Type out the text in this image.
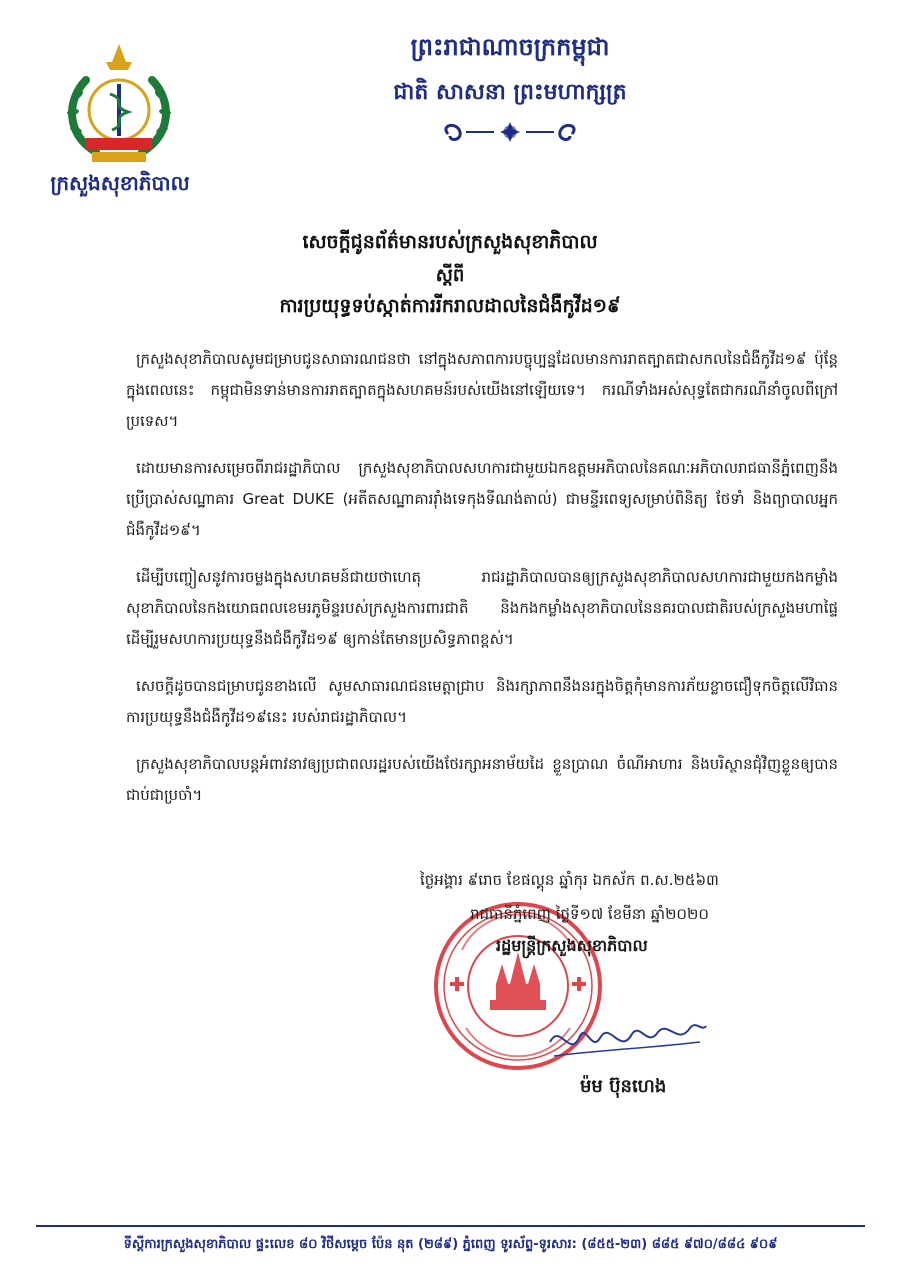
ក្រសួងសុខាភិបាល
ព្រះរាជាណាចក្រកម្ពុជា
ជាតិ សាសនា ព្រះមហាក្សត្រ
សេចក្តីជូនព័ត៌មានរបស់ក្រសួងសុខាភិបាល
ស្តីពី
ការប្រយុទ្ធទប់ស្កាត់ការរីករាលដាលនៃជំងឺកូវីដ១៩

ក្រសួងសុខាភិបាលសូមជម្រាបជូនសាធារណជនថា នៅក្នុងសភាពការបច្ចុប្បន្នដែលមានការរាតត្បាតជាសកលនៃជំងឺកូវីដ១៩ ប៉ុន្តែក្នុងពេលនេះ កម្ពុជាមិនទាន់មានការរាតត្បាតក្នុងសហគមន៍របស់យើងនៅឡើយទេ។ ករណីទាំងអស់សុទ្ធតែជាករណីនាំចូលពីក្រៅប្រទេស។

ដោយមានការសម្រេចពីរាជរដ្ឋាភិបាល ក្រសួងសុខាភិបាលសហការជាមួយឯកឧត្តមអភិបាលនៃគណៈអភិបាលរាជធានីភ្នំពេញនឹងប្រើប្រាស់សណ្ឋាគារ Great DUKE (អតីតសណ្ឋាគាររ៉ាំងទេកុងទីណង់តាល់) ជាមន្ទីរពេទ្យសម្រាប់ពិនិត្យ ថែទាំ និងព្យាបាលអ្នកជំងឺកូវីដ១៩។

ដើម្បីបញ្ចៀសនូវការចម្លងក្នុងសហគមន៍ជាយថាហេតុ រាជរដ្ឋាភិបាលបានឲ្យក្រសួងសុខាភិបាលសហការជាមួយកងកម្លាំងសុខាភិបាលនៃកងយោធពលខេមរភូមិន្ទរបស់ក្រសួងការពារជាតិ និងកងកម្លាំងសុខាភិបាលនៃនគរបាលជាតិរបស់ក្រសួងមហាផ្ទៃ ដើម្បីរួមសហការប្រយុទ្ធនឹងជំងឺកូវីដ១៩ ឲ្យកាន់តែមានប្រសិទ្ធភាពខ្ពស់។

សេចក្តីដូចបានជម្រាបជូនខាងលើ សូមសាធារណជនមេត្តាជ្រាប និងរក្សាភាពនឹងនរក្នុងចិត្តកុំមានការភ័យខ្លាចជឿទុកចិត្តលើវិធានការប្រយុទ្ធនឹងជំងឺកូវីដ១៩នេះ របស់រាជរដ្ឋាភិបាល។

ក្រសួងសុខាភិបាលបន្តអំពាវនាវឲ្យប្រជាពលរដ្ឋរបស់យើងថែរក្សាអនាម័យដៃ ខ្លួនប្រាណ ចំណីអាហារ និងបរិស្ថានជុំវិញខ្លួនឲ្យបានជាប់ជាប្រចាំ។

ថ្ងៃអង្គារ ៩រោច ខែផល្គុន ឆ្នាំកុរ ឯកស័ក ព.ស.២៥៦៣
រាជធានីភ្នំពេញ ថ្ងៃទី១៧ ខែមីនា ឆ្នាំ២០២០
រដ្ឋមន្ត្រីក្រសួងសុខាភិបាល
ម៉ម ប៊ុនហេង
ទីស្តីការក្រសួងសុខាភិបាល ផ្ទះលេខ ៨០ វិថីសម្តេច ប៉ែន នុត (២៨៩) ភ្នំពេញ ទូរស័ព្ទ-ទូរសារ: (៨៥៥-២៣) ៨៨៥ ៩៧០/៨៨៤ ៩០៩
